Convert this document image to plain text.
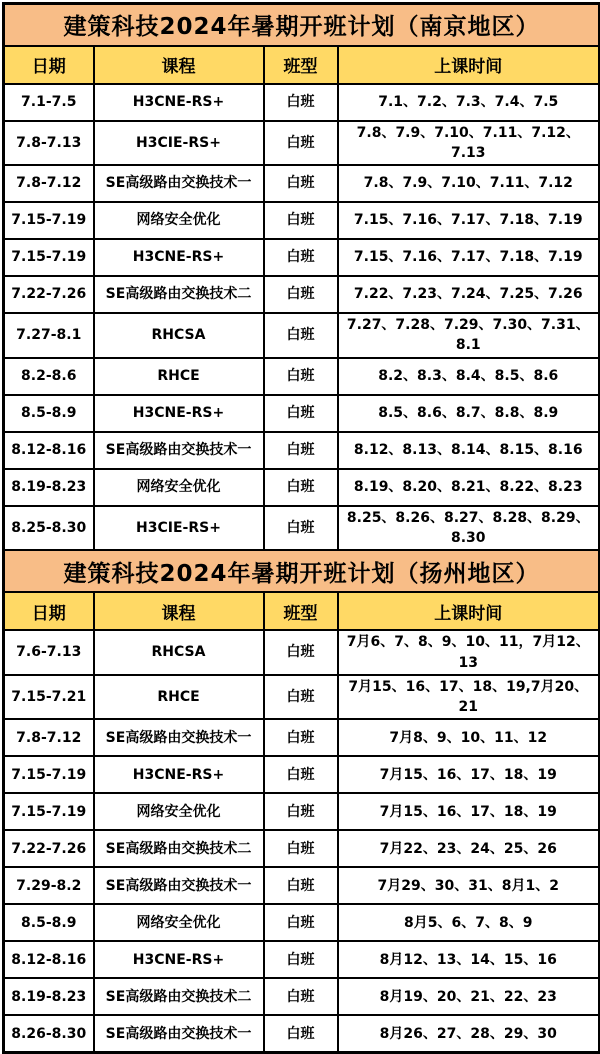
建策科技2024年暑期开班计划（南京地区）			
日期	课程	班型	上课时间
7.1-7.5	H3CNE-RS+	白班	7.1、7.2、7.3、7.4、7.5
7.8-7.13	H3CIE-RS+	白班	7.8、7.9、7.10、7.11、7.12、7.13
7.8-7.12	SE高级路由交换技术一	白班	7.8、7.9、7.10、7.11、7.12
7.15-7.19	网络安全优化	白班	7.15、7.16、7.17、7.18、7.19
7.15-7.19	H3CNE-RS+	白班	7.15、7.16、7.17、7.18、7.19
7.22-7.26	SE高级路由交换技术二	白班	7.22、7.23、7.24、7.25、7.26
7.27-8.1	RHCSA	白班	7.27、7.28、7.29、7.30、7.31、8.1
8.2-8.6	RHCE	白班	8.2、8.3、8.4、8.5、8.6
8.5-8.9	H3CNE-RS+	白班	8.5、8.6、8.7、8.8、8.9
8.12-8.16	SE高级路由交换技术一	白班	8.12、8.13、8.14、8.15、8.16
8.19-8.23	网络安全优化	白班	8.19、8.20、8.21、8.22、8.23
8.25-8.30	H3CIE-RS+	白班	8.25、8.26、8.27、8.28、8.29、8.30
建策科技2024年暑期开班计划（扬州地区）			
日期	课程	班型	上课时间
7.6-7.13	RHCSA	白班	7月6、7、8、9、10、11，7月12、13
7.15-7.21	RHCE	白班	7月15、16、17、18、19,7月20、21
7.8-7.12	SE高级路由交换技术一	白班	7月8、9、10、11、12
7.15-7.19	H3CNE-RS+	白班	7月15、16、17、18、19
7.15-7.19	网络安全优化	白班	7月15、16、17、18、19
7.22-7.26	SE高级路由交换技术二	白班	7月22、23、24、25、26
7.29-8.2	SE高级路由交换技术一	白班	7月29、30、31、8月1、2
8.5-8.9	网络安全优化	白班	8月5、6、7、8、9
8.12-8.16	H3CNE-RS+	白班	8月12、13、14、15、16
8.19-8.23	SE高级路由交换技术二	白班	8月19、20、21、22、23
8.26-8.30	SE高级路由交换技术一	白班	8月26、27、28、29、30
